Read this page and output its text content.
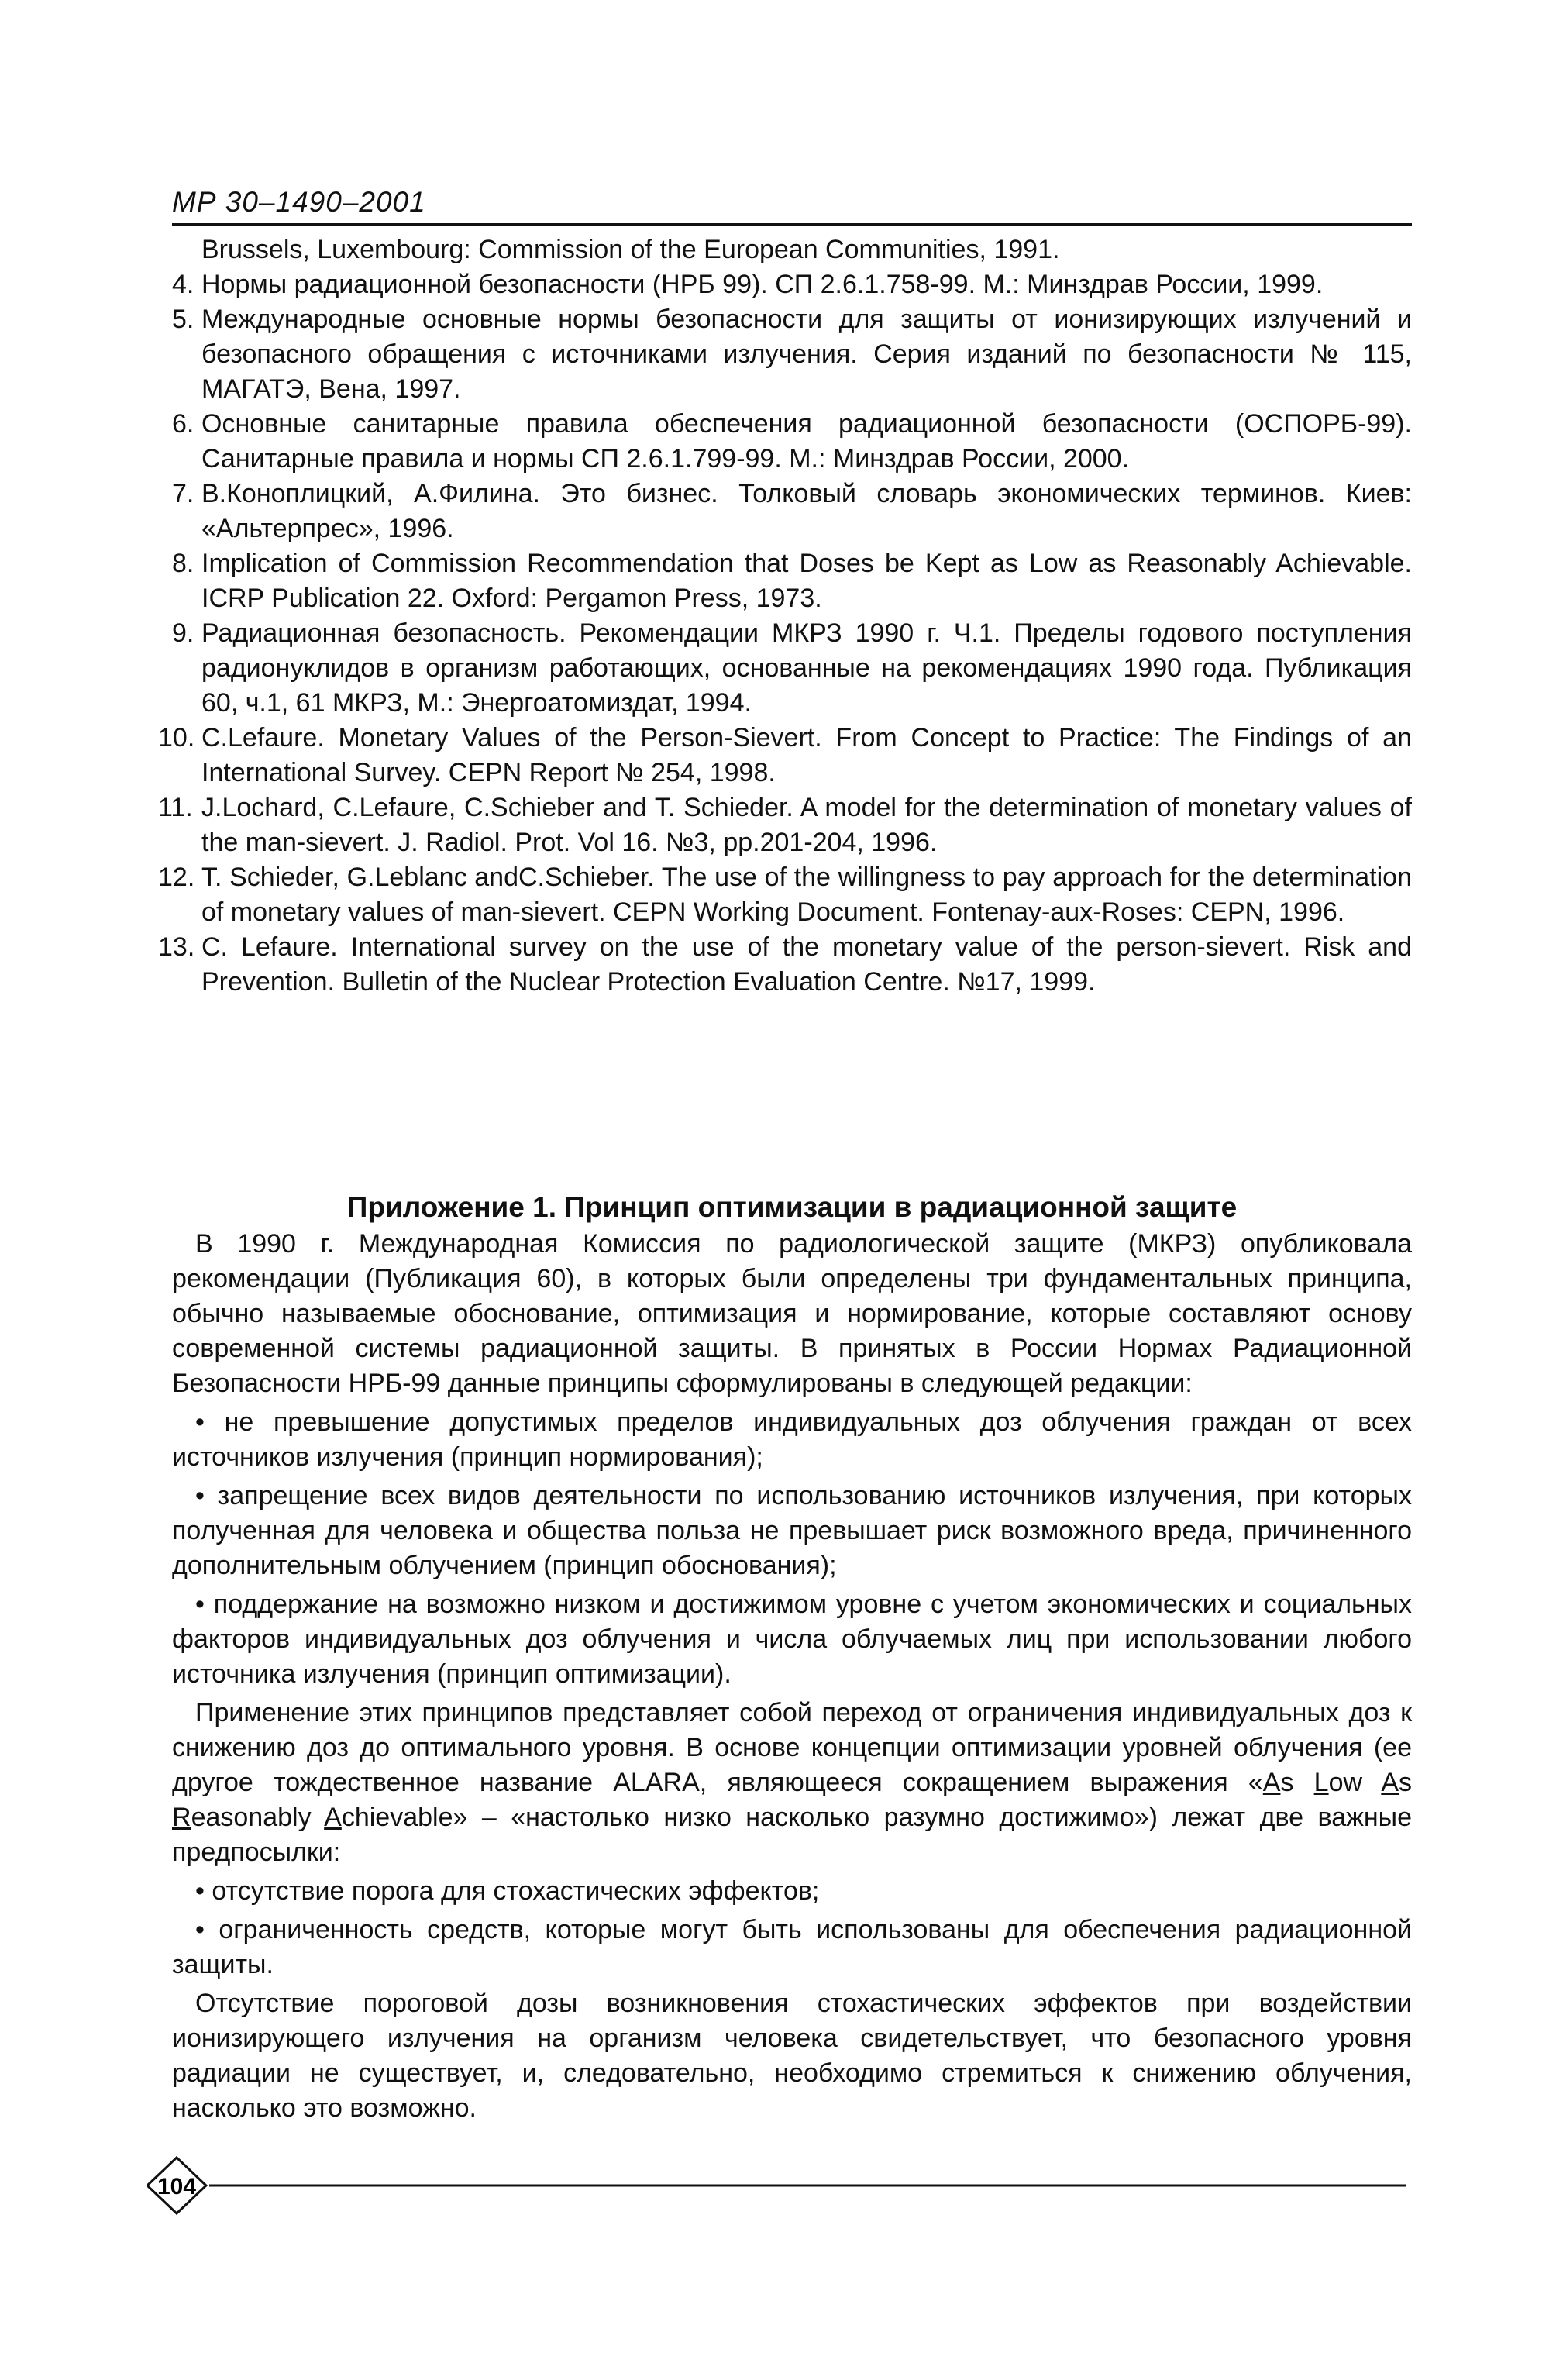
МР 30–1490–2001
Brussels, Luxembourg: Commission of the European Communities, 1991.
4. Нормы радиационной безопасности (НРБ 99). СП 2.6.1.758-99. М.: Минздрав России, 1999.
5. Международные основные нормы безопасности для защиты от ионизирующих излучений и безопасного обращения с источниками излучения. Серия изданий по безопасности № 115, МАГАТЭ, Вена, 1997.
6. Основные санитарные правила обеспечения радиационной безопасности (ОСПОРБ-99). Санитарные правила и нормы СП 2.6.1.799-99. М.: Минздрав России, 2000.
7. В.Коноплицкий, А.Филина. Это бизнес. Толковый словарь экономических терминов. Киев: «Альтерпрес», 1996.
8. Implication of Commission Recommendation that Doses be Kept as Low as Reasonably Achievable. ICRP Publication 22. Oxford: Pergamon Press, 1973.
9. Радиационная безопасность. Рекомендации МКРЗ 1990 г. Ч.1. Пределы годового поступления радионуклидов в организм работающих, основанные на рекомендациях 1990 года. Публикация 60, ч.1, 61 МКРЗ, М.: Энергоатомиздат, 1994.
10. C.Lefaure. Monetary Values of the Person-Sievert. From Concept to Practice: The Findings of an International Survey. CEPN Report № 254, 1998.
11. J.Lochard, C.Lefaure, C.Schieber and T. Schieder. A model for the determination of monetary values of the man-sievert. J. Radiol. Prot. Vol 16. №3, pp.201-204, 1996.
12. T. Schieder, G.Leblanc andC.Schieber. The use of the willingness to pay approach for the determination of monetary values of man-sievert. CEPN Working Document. Fontenay-aux-Roses: CEPN, 1996.
13. C. Lefaure. International survey on the use of the monetary value of the person-sievert. Risk and Prevention. Bulletin of the Nuclear Protection Evaluation Centre. №17, 1999.
Приложение 1. Принцип оптимизации в радиационной защите

В 1990 г. Международная Комиссия по радиологической защите (МКРЗ) опубликовала рекомендации (Публикация 60), в которых были определены три фундаментальных принципа, обычно называемые обоснование, оптимизация и нормирование, которые составляют основу современной системы радиационной защиты. В принятых в России Нормах Радиационной Безопасности НРБ-99 данные принципы сформулированы в следующей редакции:

• не превышение допустимых пределов индивидуальных доз облучения граждан от всех источников излучения (принцип нормирования);

• запрещение всех видов деятельности по использованию источников излучения, при которых полученная для человека и общества польза не превышает риск возможного вреда, причиненного дополнительным облучением (принцип обоснования);

• поддержание на возможно низком и достижимом уровне с учетом экономических и социальных факторов индивидуальных доз облучения и числа облучаемых лиц при использовании любого источника излучения (принцип оптимизации).

Применение этих принципов представляет собой переход от ограничения индивидуальных доз к снижению доз до оптимального уровня. В основе концепции оптимизации уровней облучения (ее другое тождественное название ALARA, являющееся сокращением выражения «As Low As Reasonably Achievable» – «настолько низко насколько разумно достижимо») лежат две важные предпосылки:

• отсутствие порога для стохастических эффектов;

• ограниченность средств, которые могут быть использованы для обеспечения радиационной защиты.

Отсутствие пороговой дозы возникновения стохастических эффектов при воздействии ионизирующего излучения на организм человека свидетельствует, что безопасного уровня радиации не существует, и, следовательно, необходимо стремиться к снижению облучения, насколько это возможно.

104
